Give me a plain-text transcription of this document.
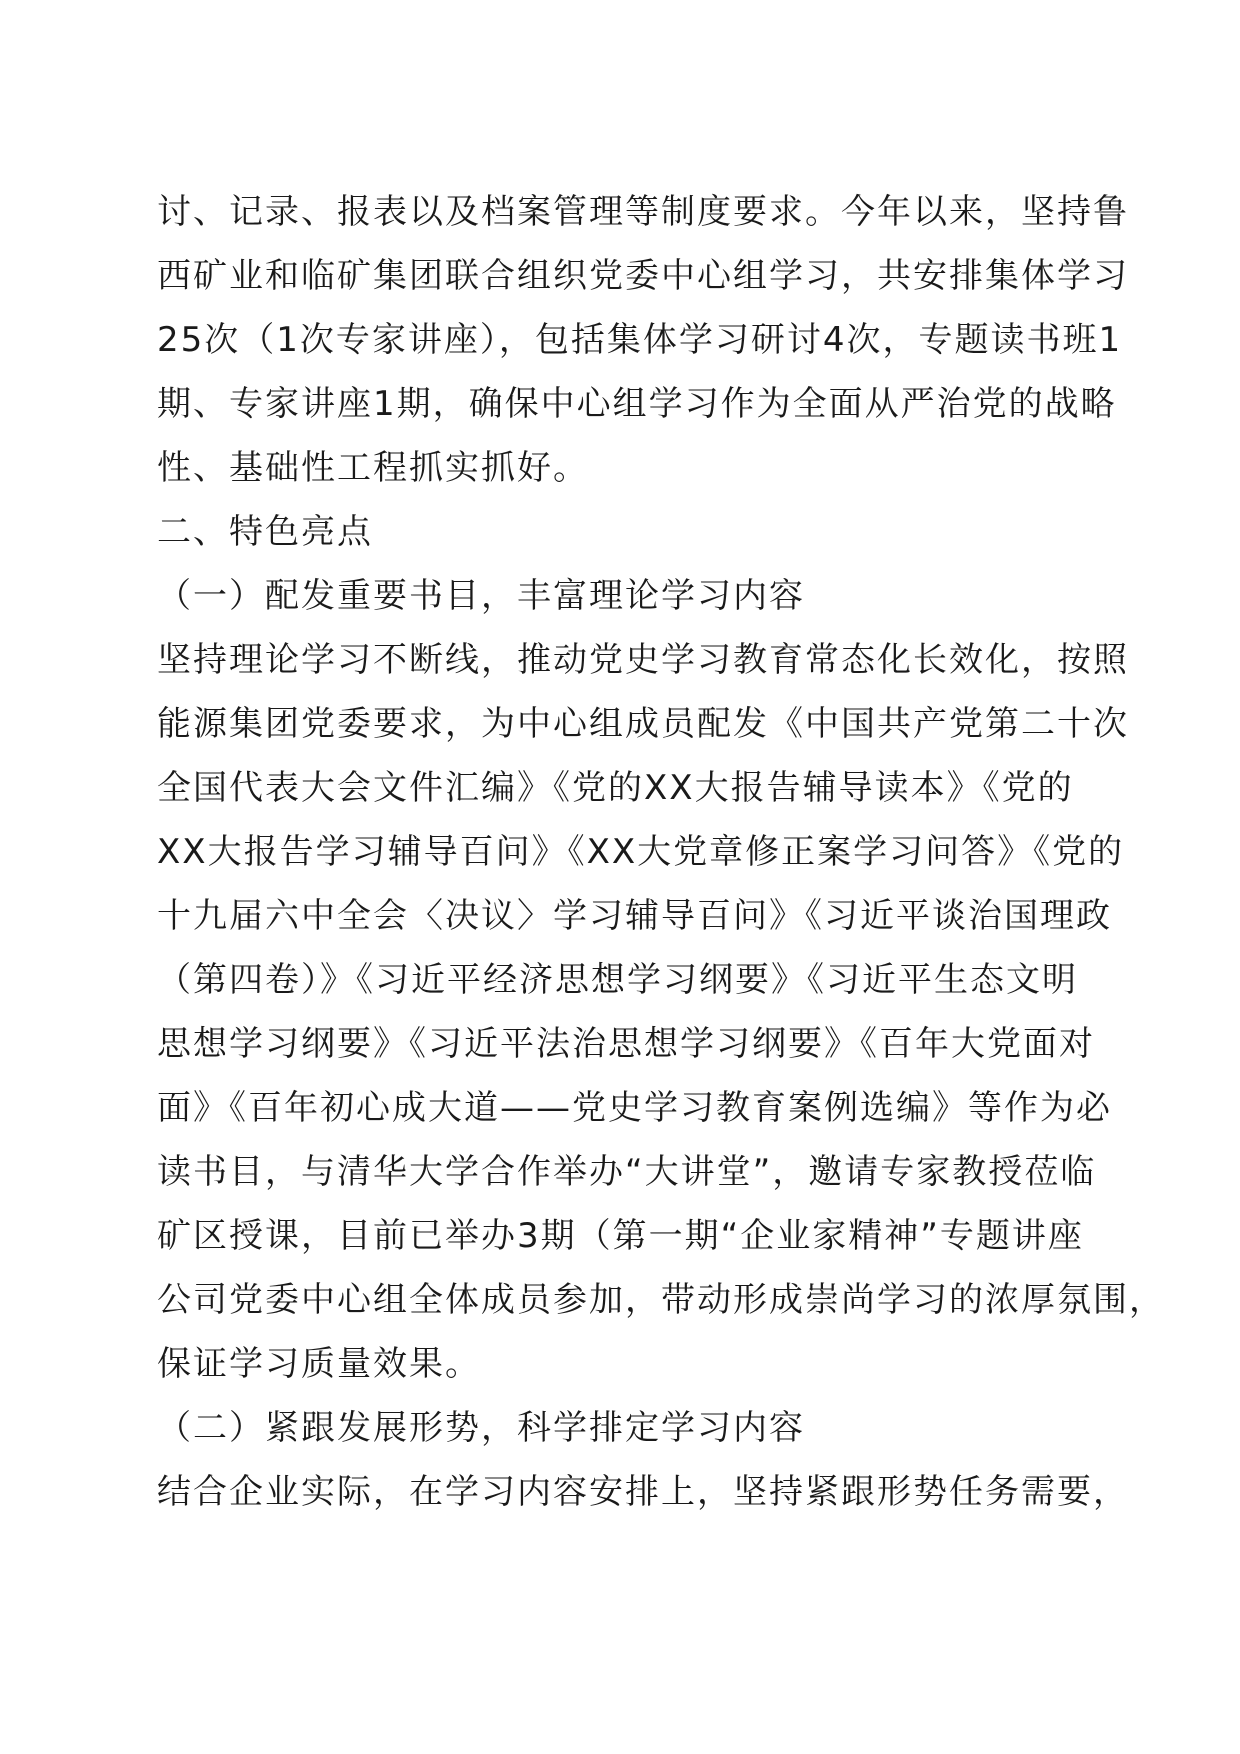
讨、记录、报表以及档案管理等制度要求。今年以来，坚持鲁
西矿业和临矿集团联合组织党委中心组学习，共安排集体学习
25次（1次专家讲座），包括集体学习研讨4次，专题读书班1
期、专家讲座1期，确保中心组学习作为全面从严治党的战略
性、基础性工程抓实抓好。
二、特色亮点
（一）配发重要书目，丰富理论学习内容
坚持理论学习不断线，推动党史学习教育常态化长效化，按照
能源集团党委要求，为中心组成员配发《中国共产党第二十次
全国代表大会文件汇编》《党的XX大报告辅导读本》《党的
XX大报告学习辅导百问》《XX大党章修正案学习问答》《党的
十九届六中全会〈决议〉学习辅导百问》《习近平谈治国理政
（第四卷）》《习近平经济思想学习纲要》《习近平生态文明
思想学习纲要》《习近平法治思想学习纲要》《百年大党面对
面》《百年初心成大道——党史学习教育案例选编》等作为必
读书目，与清华大学合作举办“大讲堂”，邀请专家教授莅临
矿区授课，目前已举办3期（第一期“企业家精神”专题讲座
公司党委中心组全体成员参加，带动形成崇尚学习的浓厚氛围，
保证学习质量效果。
（二）紧跟发展形势，科学排定学习内容
结合企业实际，在学习内容安排上，坚持紧跟形势任务需要，
